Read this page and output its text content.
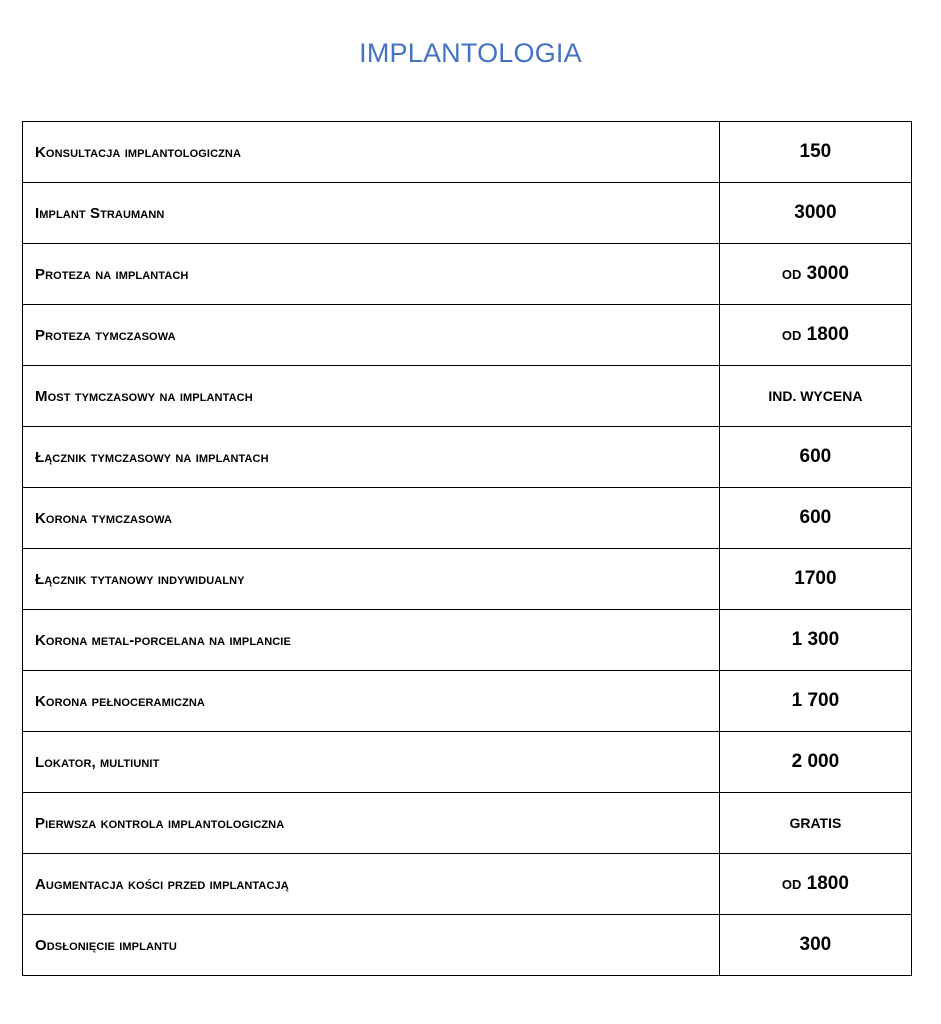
IMPLANTOLOGIA
Konsultacja implantologiczna	150
Implant Straumann	3000
Proteza na implantach	od 3000
Proteza tymczasowa	od 1800
Most tymczasowy na implantach	IND. WYCENA
Łącznik tymczasowy na implantach	600
Korona tymczasowa	600
Łącznik tytanowy indywidualny	1700
Korona metal-porcelana na implancie	1 300
Korona pełnoceramiczna	1 700
Lokator, multiunit	2 000
Pierwsza kontrola implantologiczna	GRATIS
Augmentacja kości przed implantacją	od 1800
Odsłonięcie implantu	300
